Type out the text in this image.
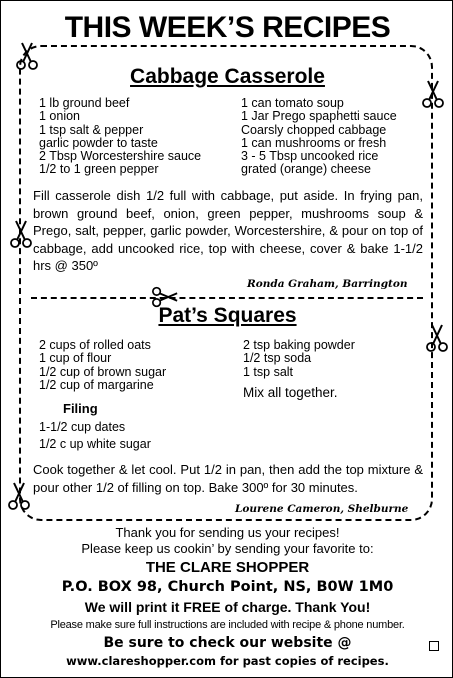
THIS WEEK’S RECIPES
Cabbage Casserole
1 lb ground beef
1 onion
1 tsp salt & pepper
garlic powder to taste
2 Tbsp Worcestershire sauce
1/2 to 1 green pepper
1 can tomato soup
1 Jar Prego spaphetti sauce
Coarsly chopped cabbage
1 can mushrooms or fresh
3 - 5 Tbsp uncooked rice
grated (orange) cheese
Fill casserole dish 1/2 full with cabbage, put aside. In frying pan, brown ground beef, onion, green pepper, mushrooms soup & Prego, salt, pepper, garlic powder, Worcestershire, & pour on top of cabbage, add uncooked rice, top with cheese, cover & bake 1-1/2 hrs @ 350º
Ronda Graham, Barrington
Pat’s Squares
2 cups of rolled oats
1 cup of flour
1/2 cup of brown sugar
1/2 cup of margarine
2 tsp baking powder
1/2 tsp soda
1 tsp salt
Mix all together.
Filing
1-1/2 cup dates
1/2 c up white sugar
Cook together & let cool. Put 1/2 in pan, then add the top mixture & pour other 1/2 of filling on top. Bake 300º for 30 minutes.
Lourene Cameron, Shelburne
Thank you for sending us your recipes!
Please keep us cookin’ by sending your favorite to:
THE CLARE SHOPPER
P.O. BOX 98, Church Point, NS, B0W 1M0
We will print it FREE of charge. Thank You!
Please make sure full instructions are included with recipe & phone number.
Be sure to check our website @
www.clareshopper.com for past copies of recipes.
